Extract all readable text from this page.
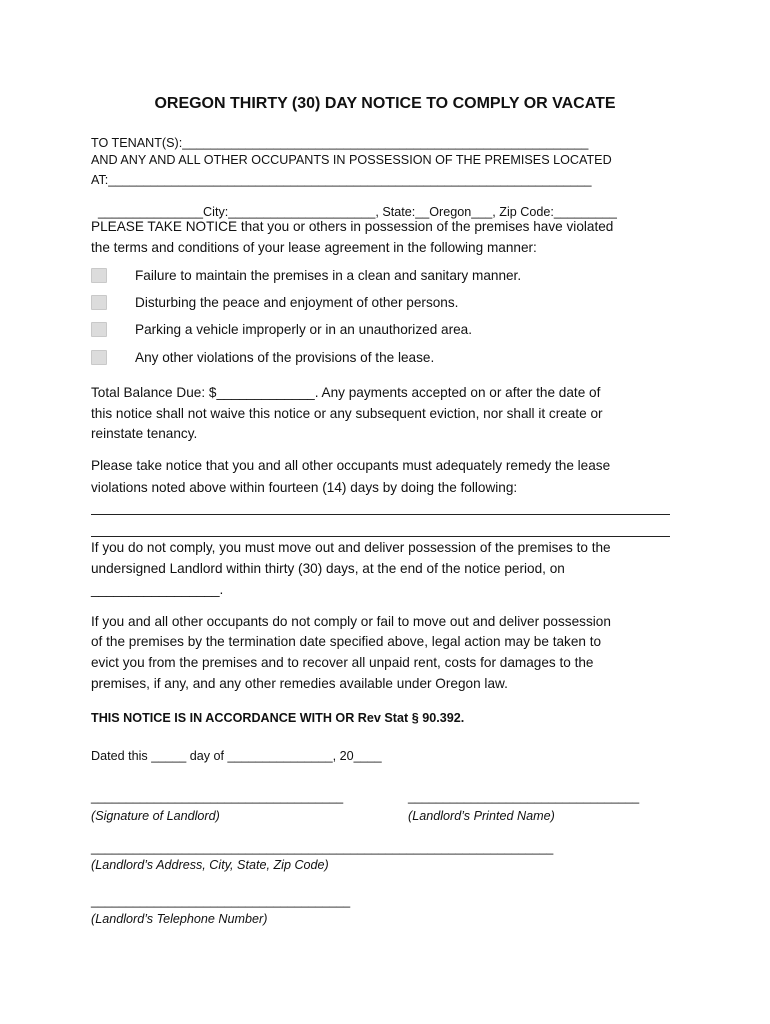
OREGON THIRTY (30) DAY NOTICE TO COMPLY OR VACATE
TO TENANT(S):__________________________________________________________
AND ANY AND ALL OTHER OCCUPANTS IN POSSESSION OF THE PREMISES LOCATED
AT:_____________________________________________________________________

_______________City:_____________________, State:__Oregon___, Zip Code:_________

PLEASE TAKE NOTICE that you or others in possession of the premises have violated
the terms and conditions of your lease agreement in the following manner:
Failure to maintain the premises in a clean and sanitary manner.
Disturbing the peace and enjoyment of other persons.
Parking a vehicle improperly or in an unauthorized area.
Any other violations of the provisions of the lease.
Total Balance Due: $_____________. Any payments accepted on or after the date of
this notice shall not waive this notice or any subsequent eviction, nor shall it create or
reinstate tenancy.
Please take notice that you and all other occupants must adequately remedy the lease
violations noted above within fourteen (14) days by doing the following:
If you do not comply, you must move out and deliver possession of the premises to the
undersigned Landlord within thirty (30) days, at the end of the notice period, on
_________________.
If you and all other occupants do not comply or fail to move out and deliver possession
of the premises by the termination date specified above, legal action may be taken to
evict you from the premises and to recover all unpaid rent, costs for damages to the
premises, if any, and any other remedies available under Oregon law.
THIS NOTICE IS IN ACCORDANCE WITH OR Rev Stat § 90.392.
Dated this _____ day of _______________, 20____
____________________________________	_________________________________
(Signature of Landlord)	(Landlord’s Printed Name)
__________________________________________________________________
(Landlord’s Address, City, State, Zip Code)
_____________________________________
(Landlord’s Telephone Number)
